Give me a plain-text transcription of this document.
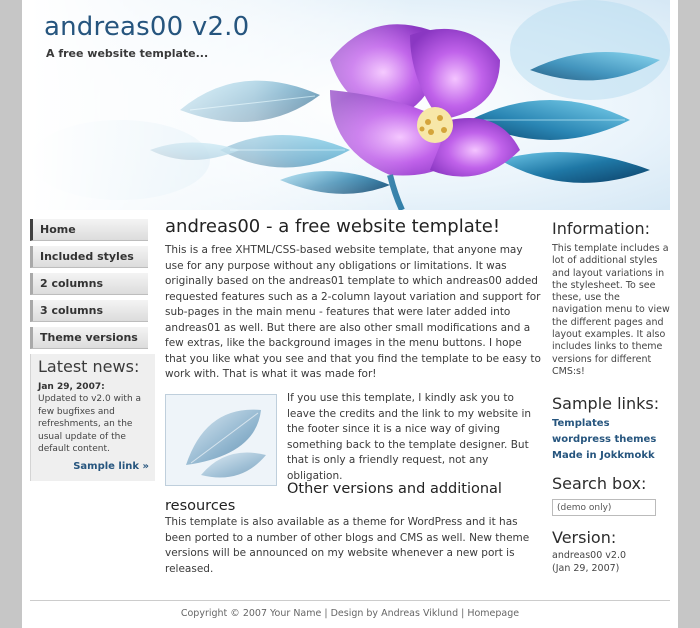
andreas00 v2.0
A free website template...
Home
Included styles
2 columns
3 columns
Theme versions
Latest news:

Jan 29, 2007:

Updated to v2.0 with a few bugfixes and refreshments, an the usual update of the default content.

Sample link »
andreas00 - a free website template!

This is a free XHTML/CSS-based website template, that anyone may use for any purpose without any obligations or limitations. It was originally based on the andreas01 template to which andreas00 added requested features such as a 2-column layout variation and support for sub-pages in the main menu - features that were later added into andreas01 as well. But there are also other small modifications and a few extras, like the background images in the menu buttons. I hope that you like what you see and that you find the template to be easy to work with. That is what it was made for!

If you use this template, I kindly ask you to leave the credits and the link to my website in the footer since it is a nice way of giving something back to the template designer. But that is only a friendly request, not any obligation.

Other versions and additional resources

This template is also available as a theme for WordPress and it has been ported to a number of other blogs and CMS as well. New theme versions will be announced on my website whenever a new port is released.

Information:

This template includes a lot of additional styles and layout variations in the stylesheet. To see these, use the navigation menu to view the different pages and layout examples. It also includes links to theme versions for different CMS:s!

Sample links:
Templates
wordpress themes
Made in Jokkmokk
Search box:
(demo only)
Version:

andreas00 v2.0

(Jan 29, 2007)

Copyright © 2007 Your Name | Design by Andreas Viklund | Homepage
